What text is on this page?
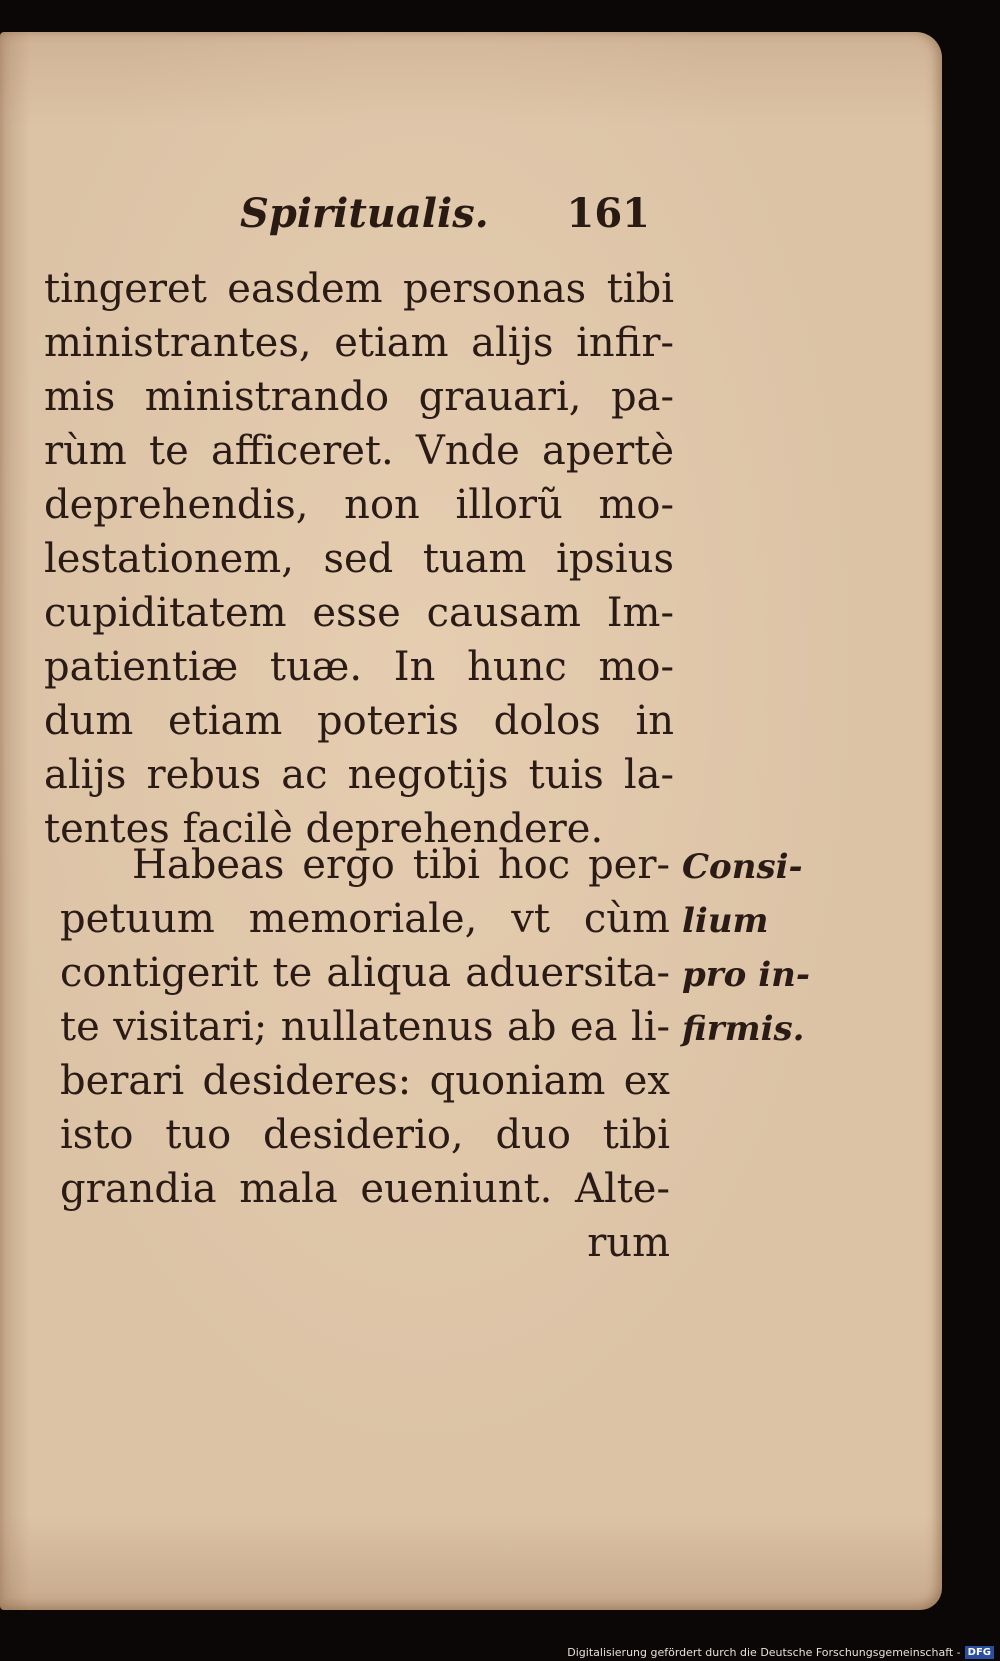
Spiritualis. 161
tingeret easdem personas tibi
ministrantes, etiam alijs infir-
mis ministrando grauari, pa-
rùm te afficeret. Vnde apertè
deprehendis, non illorũ mo-
lestationem, sed tuam ipsius
cupiditatem esse causam Im-
patientiæ tuæ. In hunc mo-
dum etiam poteris dolos in
alijs rebus ac negotijs tuis la-
tentes facilè deprehendere.
Habeas ergo tibi hoc per-
petuum memoriale, vt cùm
contigerit te aliqua aduersita-
te visitari; nullatenus ab ea li-
berari desideres: quoniam ex
isto tuo desiderio, duo tibi
grandia mala eueniunt. Alte-
rum
Consi-
lium
pro in-
firmis.
Digitalisierung gefördert durch die Deutsche Forschungsgemeinschaft - DFG
